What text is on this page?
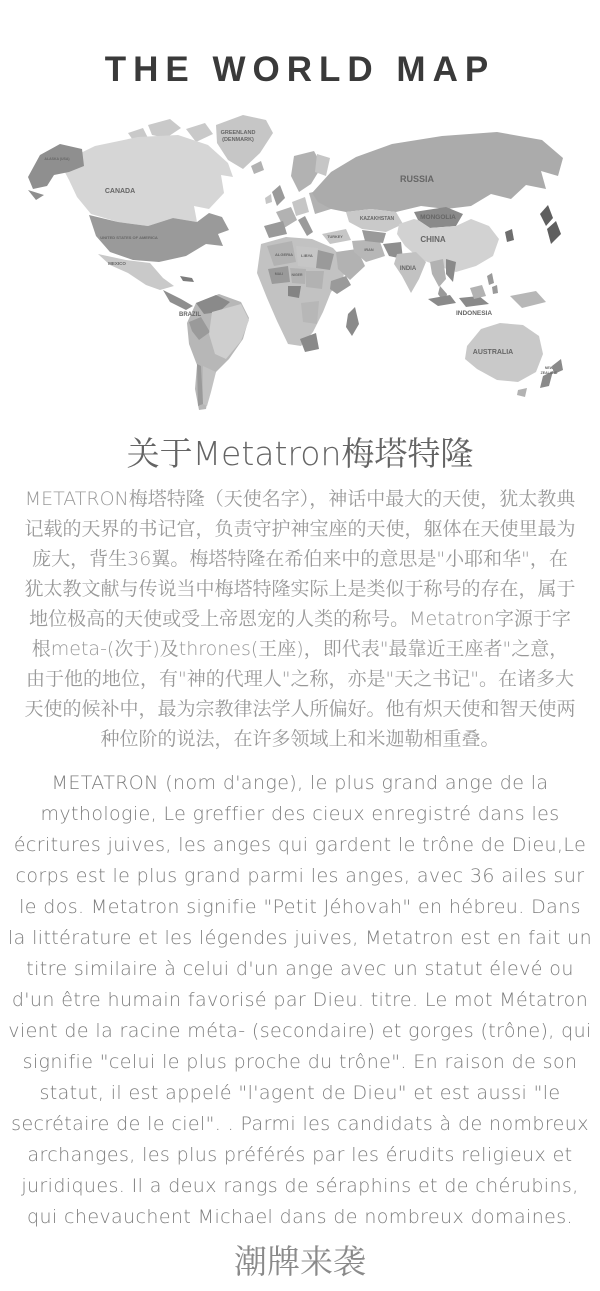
THE WORLD MAP
ALASKA (USA)
CANADA
GREENLAND
(DENMARK)
UNITED STATES OF AMERICA
MEXICO
BRAZIL
RUSSIA
KAZAKHSTAN	MONGOLIA
CHINA
INDIA
TURKEY
IRAN
ALGERIA LIBYA
MALI NIGER
INDONESIA
AUSTRALIA
NEW
ZEALAND
关于Metatron梅塔特隆
METATRON梅塔特隆（天使名字），神话中最大的天使，犹太教典记载的天界的书记官，负责守护神宝座的天使，躯体在天使里最为庞大，背生36翼。梅塔特隆在希伯来中的意思是"小耶和华"，在犹太教文献与传说当中梅塔特隆实际上是类似于称号的存在，属于地位极高的天使或受上帝恩宠的人类的称号。Metatron字源于字根meta-(次于)及thrones(王座)，即代表"最靠近王座者"之意，由于他的地位，有"神的代理人"之称，亦是"天之书记"。在诸多大天使的候补中，最为宗教律法学人所偏好。他有炽天使和智天使两种位阶的说法，在许多领域上和米迦勒相重叠。
METATRON (nom d'ange), le plus grand ange de la mythologie, Le greffier des cieux enregistré dans les écritures juives, les anges qui gardent le trône de Dieu,Le corps est le plus grand parmi les anges, avec 36 ailes sur le dos. Metatron signifie "Petit Jéhovah" en hébreu. Dans la littérature et les légendes juives, Metatron est en fait un titre similaire à celui d'un ange avec un statut élevé ou d'un être humain favorisé par Dieu. titre. Le mot Métatron vient de la racine méta- (secondaire) et gorges (trône), qui signifie "celui le plus proche du trône". En raison de son statut, il est appelé "l'agent de Dieu" et est aussi "le secrétaire de le ciel". . Parmi les candidats à de nombreux archanges, les plus préférés par les érudits religieux et juridiques. Il a deux rangs de séraphins et de chérubins, qui chevauchent Michael dans de nombreux domaines.
潮牌来袭
